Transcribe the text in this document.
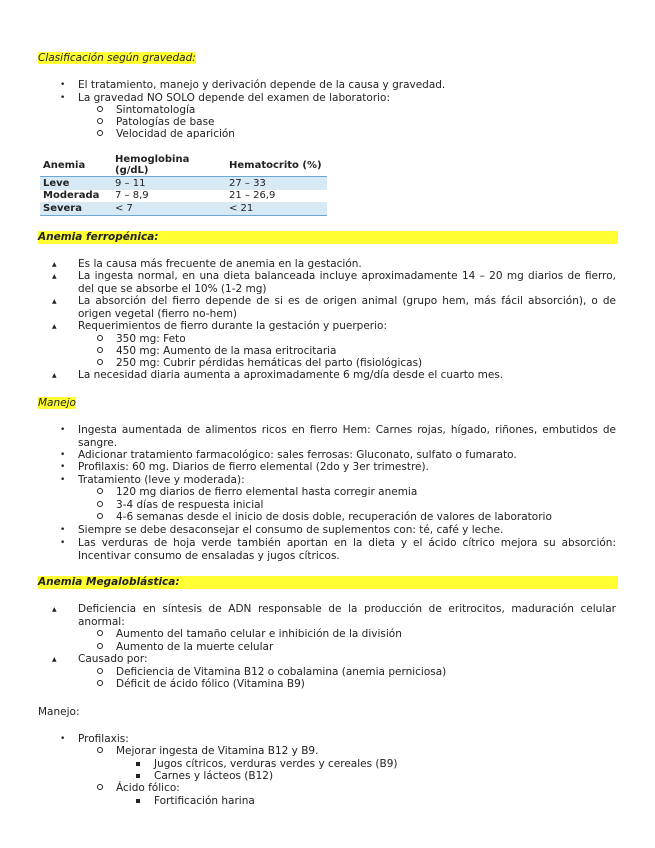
Clasificación según gravedad:
•
El tratamiento, manejo y derivación depende de la causa y gravedad.
•
La gravedad NO SOLO depende del examen de laboratorio:
Sintomatología
Patologías de base
Velocidad de aparición
Anemia	Hemoglobina (g/dL)	Hematocrito (%)
Leve	9 – 11	27 – 33
Moderada	7 – 8,9	21 – 26,9
Severa	< 7	< 21
Anemia ferropénica:
▲
Es la causa más frecuente de anemia en la gestación.
▲
La ingesta normal, en una dieta balanceada incluye aproximadamente 14 – 20 mg diarios de fierro, del que se absorbe el 10% (1-2 mg)
▲
La absorción del fierro depende de si es de origen animal (grupo hem, más fácil absorción), o de origen vegetal (fierro no-hem)
▲
Requerimientos de fierro durante la gestación y puerperio:
350 mg: Feto
450 mg: Aumento de la masa eritrocitaria
250 mg: Cubrir pérdidas hemáticas del parto (fisiológicas)
▲
La necesidad diaria aumenta a aproximadamente 6 mg/día desde el cuarto mes.
Manejo
•
Ingesta aumentada de alimentos ricos en fierro Hem: Carnes rojas, hígado, riñones, embutidos de sangre.
•
Adicionar tratamiento farmacológico: sales ferrosas: Gluconato, sulfato o fumarato.
•
Profilaxis: 60 mg. Diarios de fierro elemental (2do y 3er trimestre).
•
Tratamiento (leve y moderada):
120 mg diarios de fierro elemental hasta corregir anemia
3-4 días de respuesta inicial
4-6 semanas desde el inicio de dosis doble, recuperación de valores de laboratorio
•
Siempre se debe desaconsejar el consumo de suplementos con: té, café y leche.
•
Las verduras de hoja verde también aportan en la dieta y el ácido cítrico mejora su absorción: Incentivar consumo de ensaladas y jugos cítricos.
Anemia Megaloblástica:
▲
Deficiencia en síntesis de ADN responsable de la producción de eritrocitos, maduración celular anormal:
Aumento del tamaño celular e inhibición de la división
Aumento de la muerte celular
▲
Causado por:
Deficiencia de Vitamina B12 o cobalamina (anemia perniciosa)
Déficit de ácido fólico (Vitamina B9)
Manejo:
•
Profilaxis:
Mejorar ingesta de Vitamina B12 y B9.
Jugos cítricos, verduras verdes y cereales (B9)
Carnes y lácteos (B12)
Ácido fólico:
Fortificación harina
